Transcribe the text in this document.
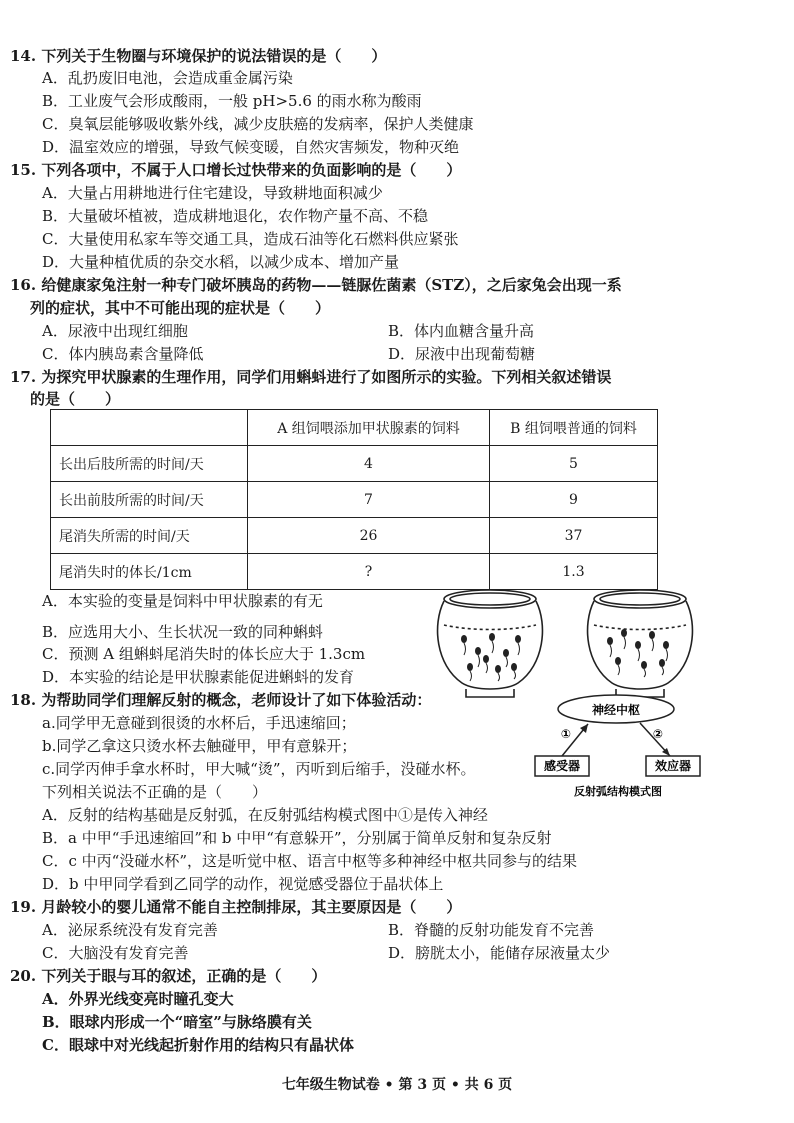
14. 下列关于生物圈与环境保护的说法错误的是（　　）
A．乱扔废旧电池，会造成重金属污染
B．工业废气会形成酸雨，一般 pH>5.6 的雨水称为酸雨
C．臭氧层能够吸收紫外线，减少皮肤癌的发病率，保护人类健康
D．温室效应的增强，导致气候变暖，自然灾害频发，物种灭绝
15. 下列各项中，不属于人口增长过快带来的负面影响的是（　　）
A．大量占用耕地进行住宅建设，导致耕地面积减少
B．大量破坏植被，造成耕地退化，农作物产量不高、不稳
C．大量使用私家车等交通工具，造成石油等化石燃料供应紧张
D．大量种植优质的杂交水稻，以减少成本、增加产量
16. 给健康家兔注射一种专门破坏胰岛的药物——链脲佐菌素（STZ），之后家兔会出现一系
列的症状，其中不可能出现的症状是（　　）
A．尿液中出现红细胞	B．体内血糖含量升高
C．体内胰岛素含量降低	D．尿液中出现葡萄糖
17. 为探究甲状腺素的生理作用，同学们用蝌蚪进行了如图所示的实验。下列相关叙述错误
的是（　　）
	A 组饲喂添加甲状腺素的饲料	B 组饲喂普通的饲料
长出后肢所需的时间/天	4	5
长出前肢所需的时间/天	7	9
尾消失所需的时间/天	26	37
尾消失时的体长/1cm	?	1.3
A．本实验的变量是饲料中甲状腺素的有无
B．应选用大小、生长状况一致的同种蝌蚪
C．预测 A 组蝌蚪尾消失时的体长应大于 1.3cm
D．本实验的结论是甲状腺素能促进蝌蚪的发育
18. 为帮助同学们理解反射的概念，老师设计了如下体验活动：
a.同学甲无意碰到很烫的水杯后，手迅速缩回；
b.同学乙拿这只烫水杯去触碰甲，甲有意躲开；
c.同学丙伸手拿水杯时，甲大喊“烫”，丙听到后缩手，没碰水杯。
下列相关说法不正确的是（　　）
神经中枢
①	②
感受器	效应器
反射弧结构模式图
A．反射的结构基础是反射弧，在反射弧结构模式图中①是传入神经
B．a 中甲“手迅速缩回”和 b 中甲“有意躲开”，分别属于简单反射和复杂反射
C．c 中丙“没碰水杯”，这是听觉中枢、语言中枢等多种神经中枢共同参与的结果
D．b 中甲同学看到乙同学的动作，视觉感受器位于晶状体上
19. 月龄较小的婴儿通常不能自主控制排尿，其主要原因是（　　）
A．泌尿系统没有发育完善	B．脊髓的反射功能发育不完善
C．大脑没有发育完善	D．膀胱太小，能储存尿液量太少
20. 下列关于眼与耳的叙述，正确的是（　　）
A．外界光线变亮时瞳孔变大
B．眼球内形成一个“暗室”与脉络膜有关
C．眼球中对光线起折射作用的结构只有晶状体
七年级生物试卷 • 第 3 页 • 共 6 页
